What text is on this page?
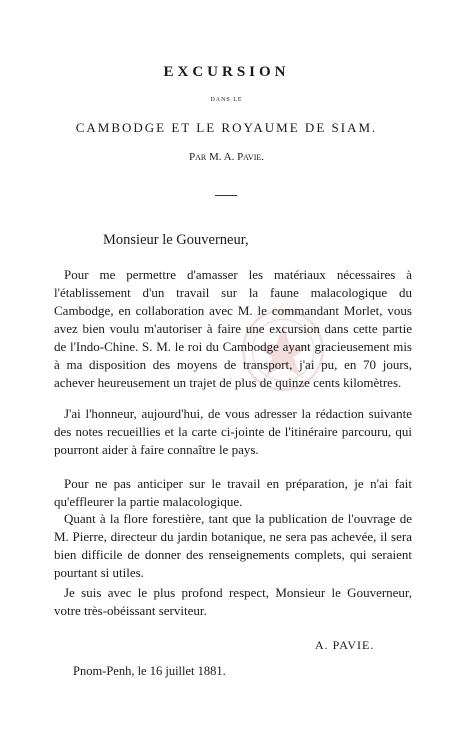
EXCURSION
DANS LE
CAMBODGE ET LE ROYAUME DE SIAM.
Par M. A. Pavie.
Monsieur le Gouverneur,

Pour me permettre d'amasser les matériaux nécessaires à l'établissement d'un travail sur la faune malacologique du Cambodge, en collaboration avec M. le commandant Morlet, vous avez bien voulu m'autoriser à faire une excursion dans cette partie de l'Indo-Chine. S. M. le roi du Cambodge ayant gracieusement mis à ma disposition des moyens de transport, j'ai pu, en 70 jours, achever heureusement un trajet de plus de quinze cents kilomètres.

J'ai l'honneur, aujourd'hui, de vous adresser la rédaction suivante des notes recueillies et la carte ci-jointe de l'itinéraire parcouru, qui pourront aider à faire connaître le pays.

Pour ne pas anticiper sur le travail en préparation, je n'ai fait qu'effleurer la partie malacologique.

Quant à la flore forestière, tant que la publication de l'ouvrage de M. Pierre, directeur du jardin botanique, ne sera pas achevée, il sera bien difficile de donner des renseignements complets, qui seraient pourtant si utiles.

Je suis avec le plus profond respect, Monsieur le Gouverneur, votre très-obéissant serviteur.

A. PAVIE.
Pnom-Penh, le 16 juillet 1881.
